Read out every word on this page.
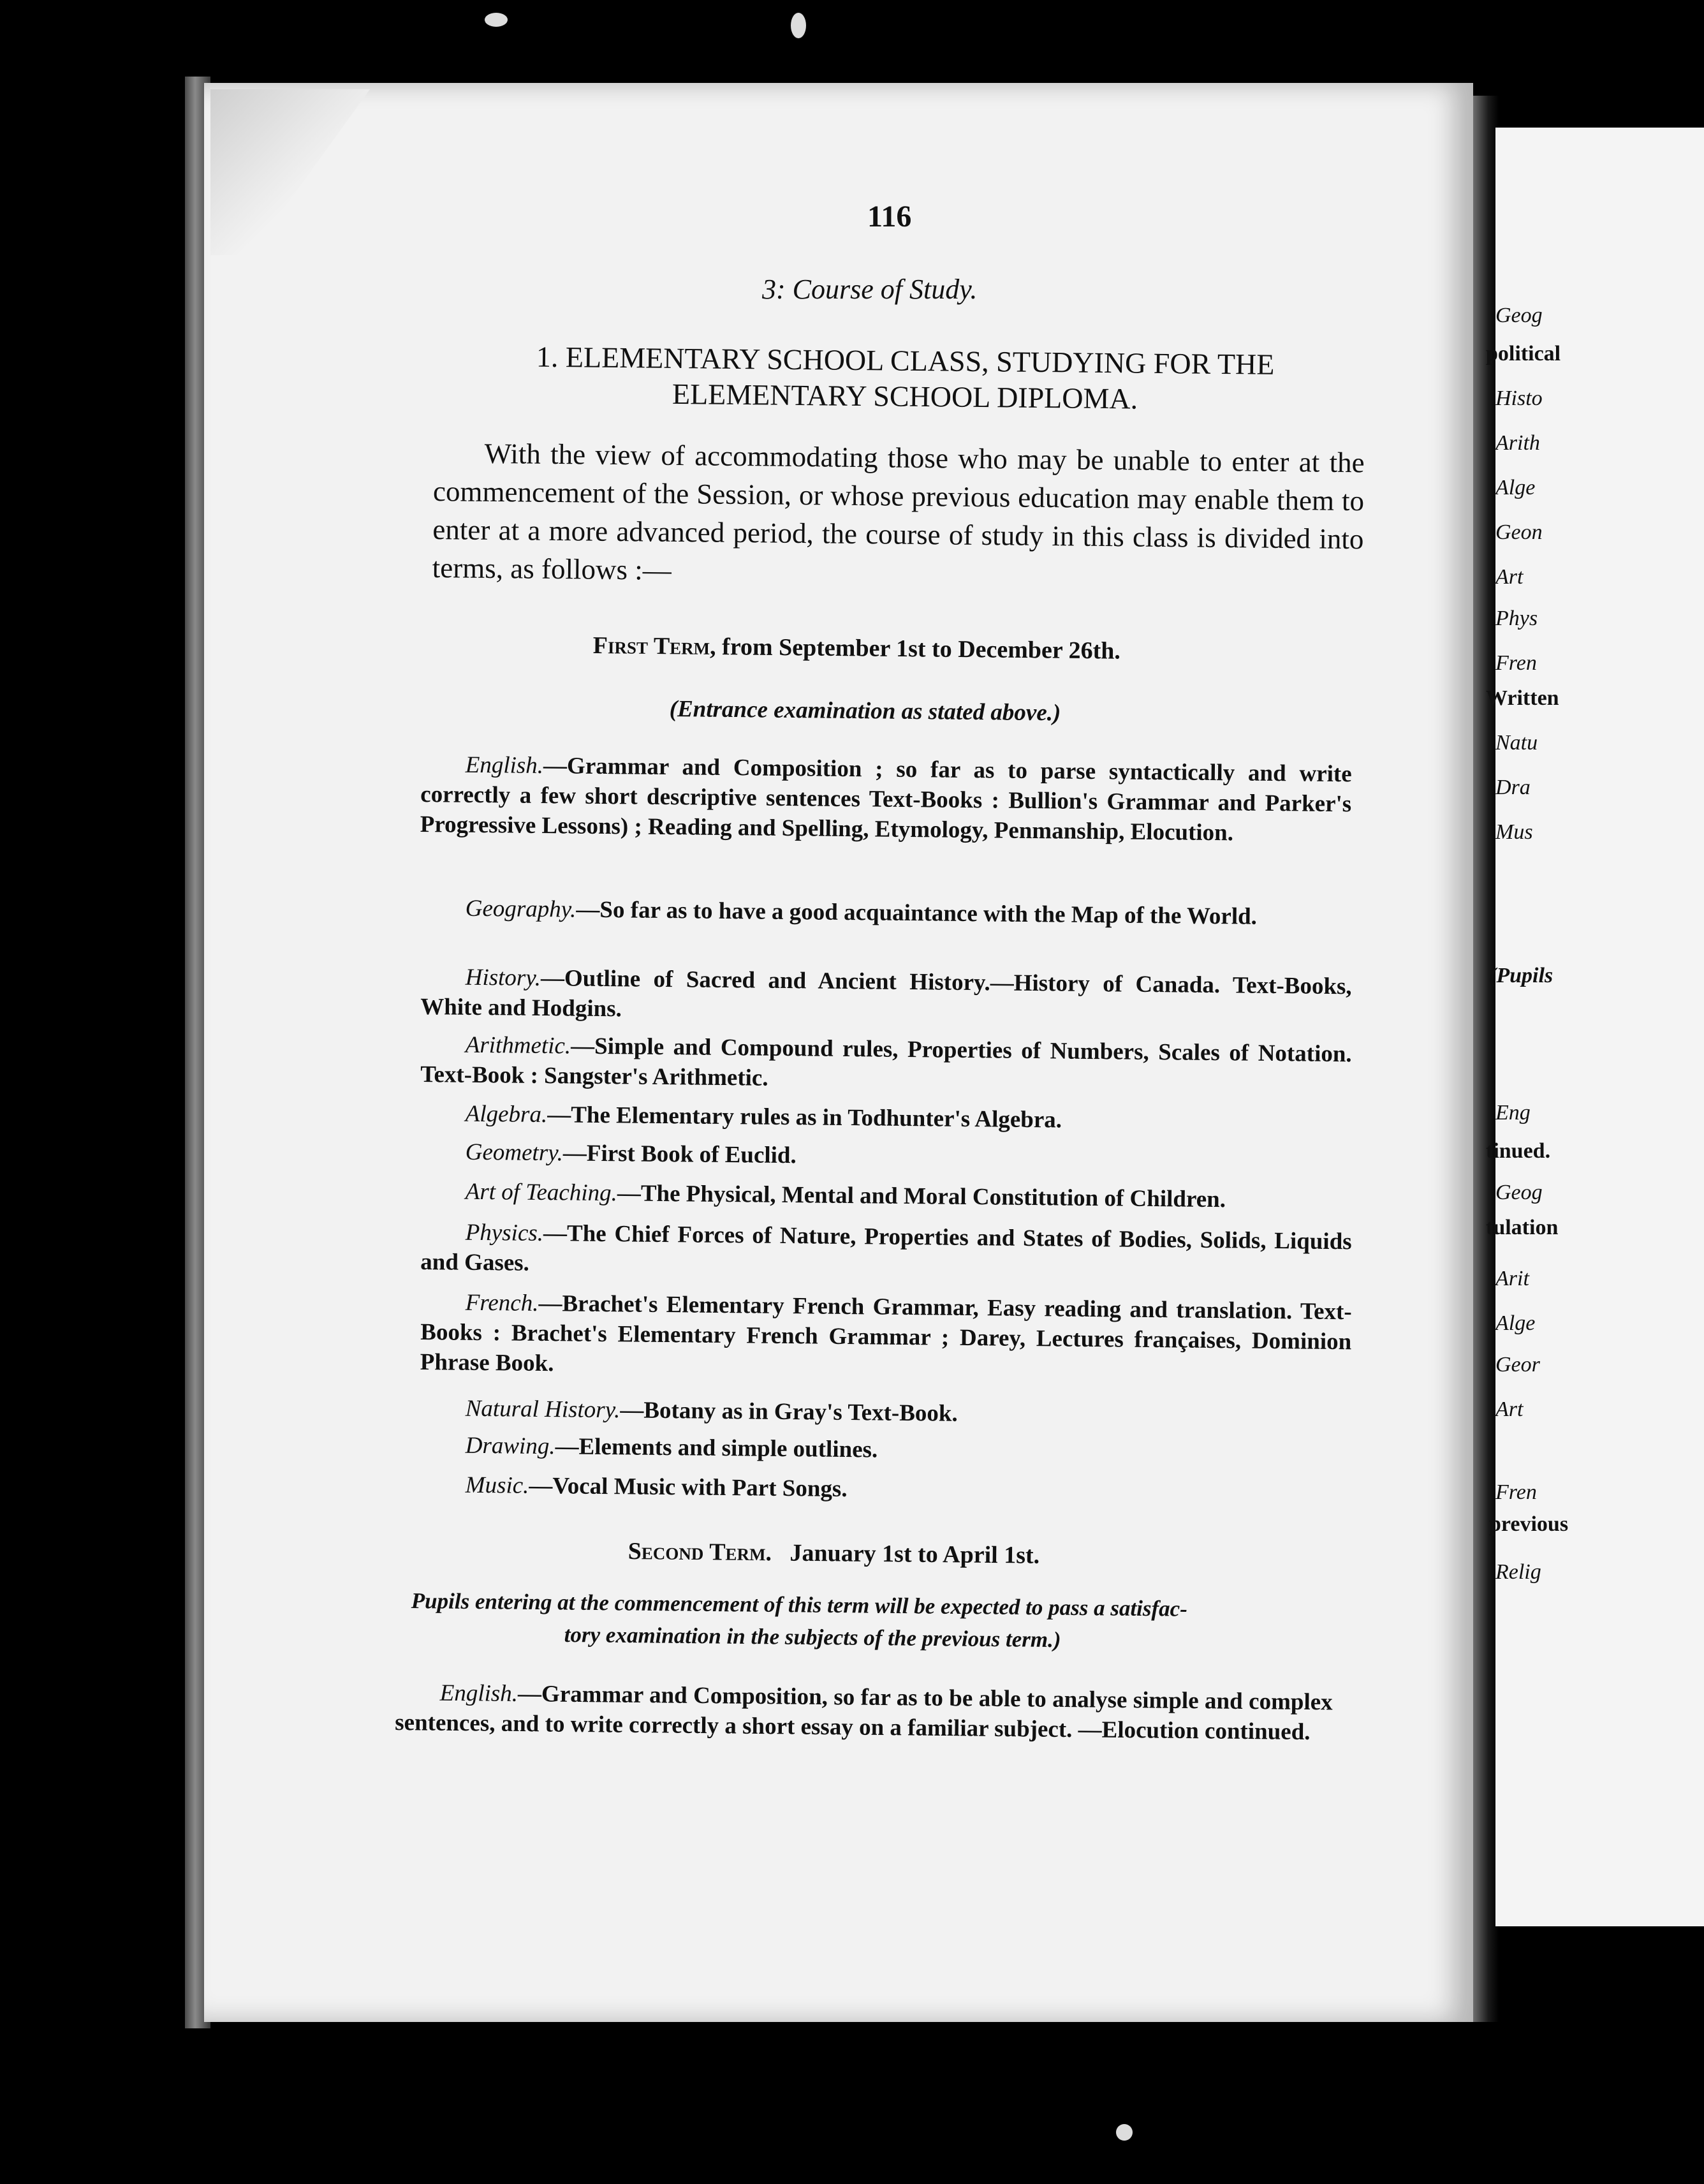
Geog
political
Histo
Arith
Alge
Geon
Art
Phys
Fren
Written
Natu
Dra
Mus
(Pupils
Eng
tinued.
Geog
tulation
Arit
Alge
Geor
Art
Fren
previous
Relig
116
3: Course of Study.
1. ELEMENTARY SCHOOL CLASS, STUDYING FOR THE
ELEMENTARY SCHOOL DIPLOMA.
With the view of accommodating those who may be unable to enter at the commencement of the Session, or whose previous education may enable them to enter at a more advanced period, the course of study in this class is divided into terms, as follows :—
First Term, from September 1st to December 26th.
(Entrance examination as stated above.)
English.—Grammar and Composition ; so far as to parse syntactically and write correctly a few short descriptive sentences Text-Books : Bullion's Grammar and Parker's Progressive Lessons) ; Reading and Spelling, Etymology, Penmanship, Elocution.
Geography.—So far as to have a good acquaintance with the Map of the World.
History.—Outline of Sacred and Ancient History.—History of Canada. Text-Books, White and Hodgins.
Arithmetic.—Simple and Compound rules, Properties of Numbers, Scales of Notation. Text-Book : Sangster's Arithmetic.
Algebra.—The Elementary rules as in Todhunter's Algebra.
Geometry.—First Book of Euclid.
Art of Teaching.—The Physical, Mental and Moral Constitution of Children.
Physics.—The Chief Forces of Nature, Properties and States of Bodies, Solids, Liquids and Gases.
French.—Brachet's Elementary French Grammar, Easy reading and translation. Text-Books : Brachet's Elementary French Grammar ; Darey, Lectures françaises, Dominion Phrase Book.
Natural History.—Botany as in Gray's Text-Book.
Drawing.—Elements and simple outlines.
Music.—Vocal Music with Part Songs.
Second Term. January 1st to April 1st.
Pupils entering at the commencement of this term will be expected to pass a satisfac-
tory examination in the subjects of the previous term.)
English.—Grammar and Composition, so far as to be able to analyse simple and complex sentences, and to write correctly a short essay on a familiar subject. —Elocution continued.
